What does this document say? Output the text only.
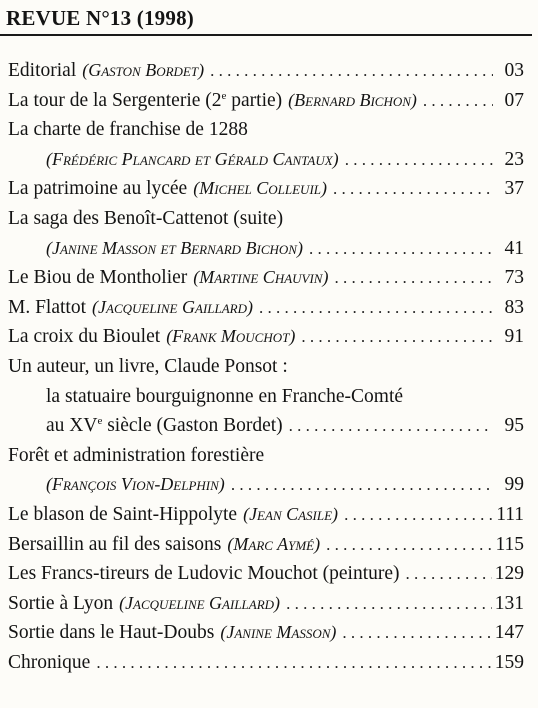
REVUE N°13 (1998)
Editorial (Gaston Bordet) . . .	03
La tour de la Sergenterie (2e partie) (Bernard Bichon) . . .	07
La charte de franchise de 1288
(Frédéric Plancard et Gérald Cantaux) . . .	23
La patrimoine au lycée (Michel Colleuil) . . .	37
La saga des Benoît-Cattenot (suite)
(Janine Masson et Bernard Bichon) . . .	41
Le Biou de Montholier (Martine Chauvin) . . .	73
M. Flattot (Jacqueline Gaillard) . . .	83
La croix du Bioulet (Frank Mouchot) . . .	91
Un auteur, un livre, Claude Ponsot :
la statuaire bourguignonne en Franche-Comté
au XVe siècle (Gaston Bordet) . . .	95
Forêt et administration forestière
(François Vion-Delphin) . . .	99
Le blason de Saint-Hippolyte (Jean Casile) . . .	111
Bersaillin au fil des saisons (Marc Aymé) . . .	115
Les Francs-tireurs de Ludovic Mouchot (peinture) . . .	129
Sortie à Lyon (Jacqueline Gaillard) . . .	131
Sortie dans le Haut-Doubs (Janine Masson) . . .	147
Chronique . . .	159
